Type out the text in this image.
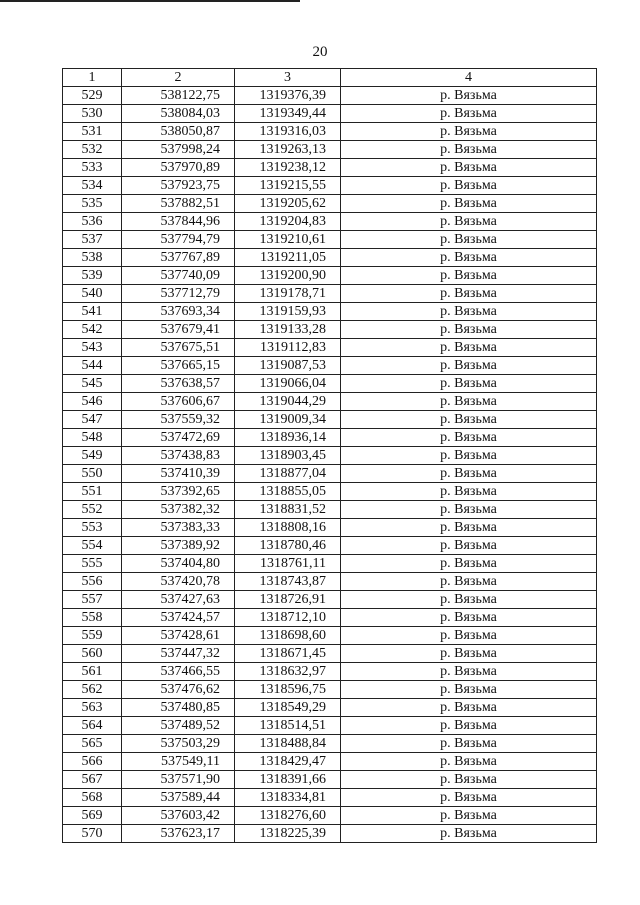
20
1	2	3	4
529	538122,75	1319376,39	р. Вязьма
530	538084,03	1319349,44	р. Вязьма
531	538050,87	1319316,03	р. Вязьма
532	537998,24	1319263,13	р. Вязьма
533	537970,89	1319238,12	р. Вязьма
534	537923,75	1319215,55	р. Вязьма
535	537882,51	1319205,62	р. Вязьма
536	537844,96	1319204,83	р. Вязьма
537	537794,79	1319210,61	р. Вязьма
538	537767,89	1319211,05	р. Вязьма
539	537740,09	1319200,90	р. Вязьма
540	537712,79	1319178,71	р. Вязьма
541	537693,34	1319159,93	р. Вязьма
542	537679,41	1319133,28	р. Вязьма
543	537675,51	1319112,83	р. Вязьма
544	537665,15	1319087,53	р. Вязьма
545	537638,57	1319066,04	р. Вязьма
546	537606,67	1319044,29	р. Вязьма
547	537559,32	1319009,34	р. Вязьма
548	537472,69	1318936,14	р. Вязьма
549	537438,83	1318903,45	р. Вязьма
550	537410,39	1318877,04	р. Вязьма
551	537392,65	1318855,05	р. Вязьма
552	537382,32	1318831,52	р. Вязьма
553	537383,33	1318808,16	р. Вязьма
554	537389,92	1318780,46	р. Вязьма
555	537404,80	1318761,11	р. Вязьма
556	537420,78	1318743,87	р. Вязьма
557	537427,63	1318726,91	р. Вязьма
558	537424,57	1318712,10	р. Вязьма
559	537428,61	1318698,60	р. Вязьма
560	537447,32	1318671,45	р. Вязьма
561	537466,55	1318632,97	р. Вязьма
562	537476,62	1318596,75	р. Вязьма
563	537480,85	1318549,29	р. Вязьма
564	537489,52	1318514,51	р. Вязьма
565	537503,29	1318488,84	р. Вязьма
566	537549,11	1318429,47	р. Вязьма
567	537571,90	1318391,66	р. Вязьма
568	537589,44	1318334,81	р. Вязьма
569	537603,42	1318276,60	р. Вязьма
570	537623,17	1318225,39	р. Вязьма
